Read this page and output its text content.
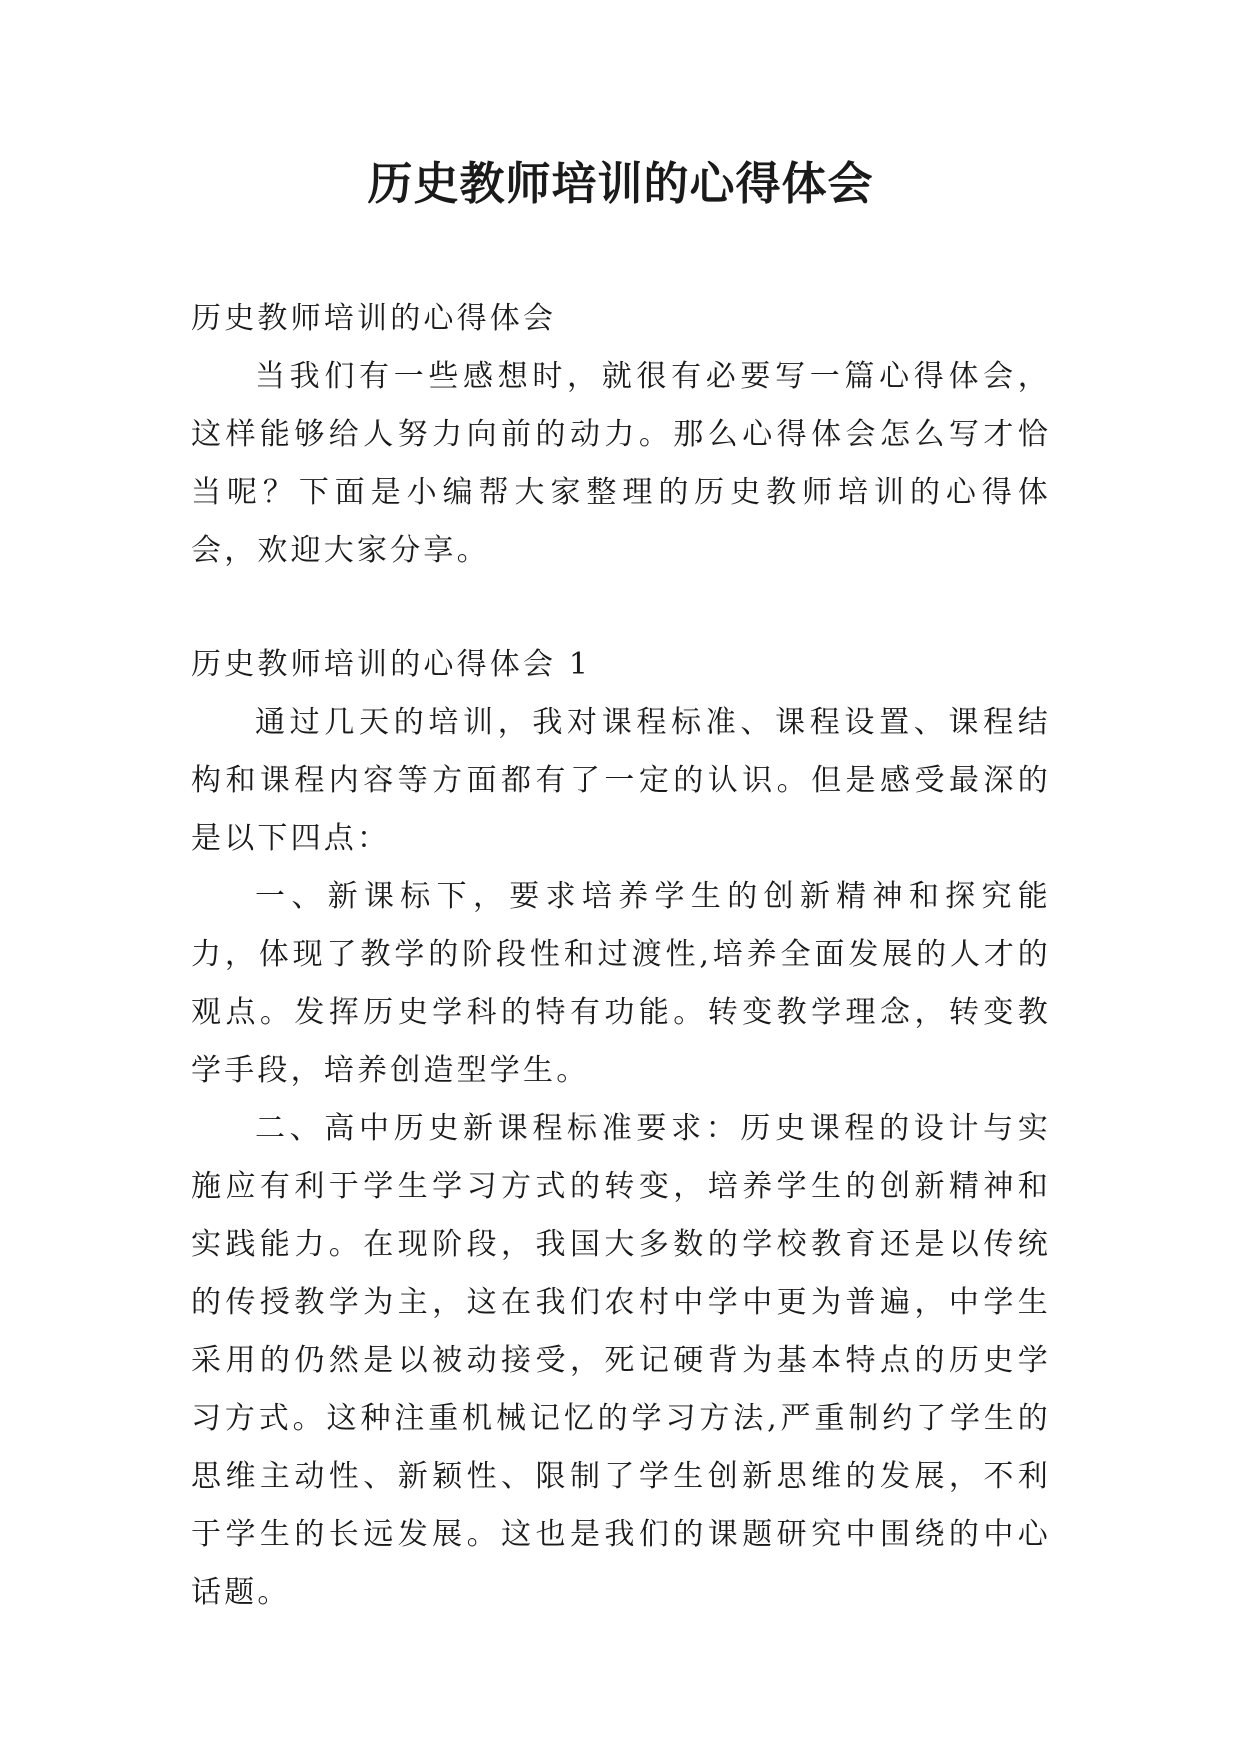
历史教师培训的心得体会

历史教师培训的心得体会

当我们有一些感想时，就很有必要写一篇心得体会，这样能够给人努力向前的动力。那么心得体会怎么写才恰当呢？下面是小编帮大家整理的历史教师培训的心得体会，欢迎大家分享。

历史教师培训的心得体会 1

通过几天的培训，我对课程标准、课程设置、课程结构和课程内容等方面都有了一定的认识。但是感受最深的是以下四点：

一、新课标下，要求培养学生的创新精神和探究能力，体现了教学的阶段性和过渡性,培养全面发展的人才的观点。发挥历史学科的特有功能。转变教学理念，转变教学手段，培养创造型学生。

二、高中历史新课程标准要求：历史课程的设计与实施应有利于学生学习方式的转变，培养学生的创新精神和实践能力。在现阶段，我国大多数的学校教育还是以传统的传授教学为主，这在我们农村中学中更为普遍，中学生采用的仍然是以被动接受，死记硬背为基本特点的历史学习方式。这种注重机械记忆的学习方法,严重制约了学生的思维主动性、新颖性、限制了学生创新思维的发展，不利于学生的长远发展。这也是我们的课题研究中围绕的中心话题。
